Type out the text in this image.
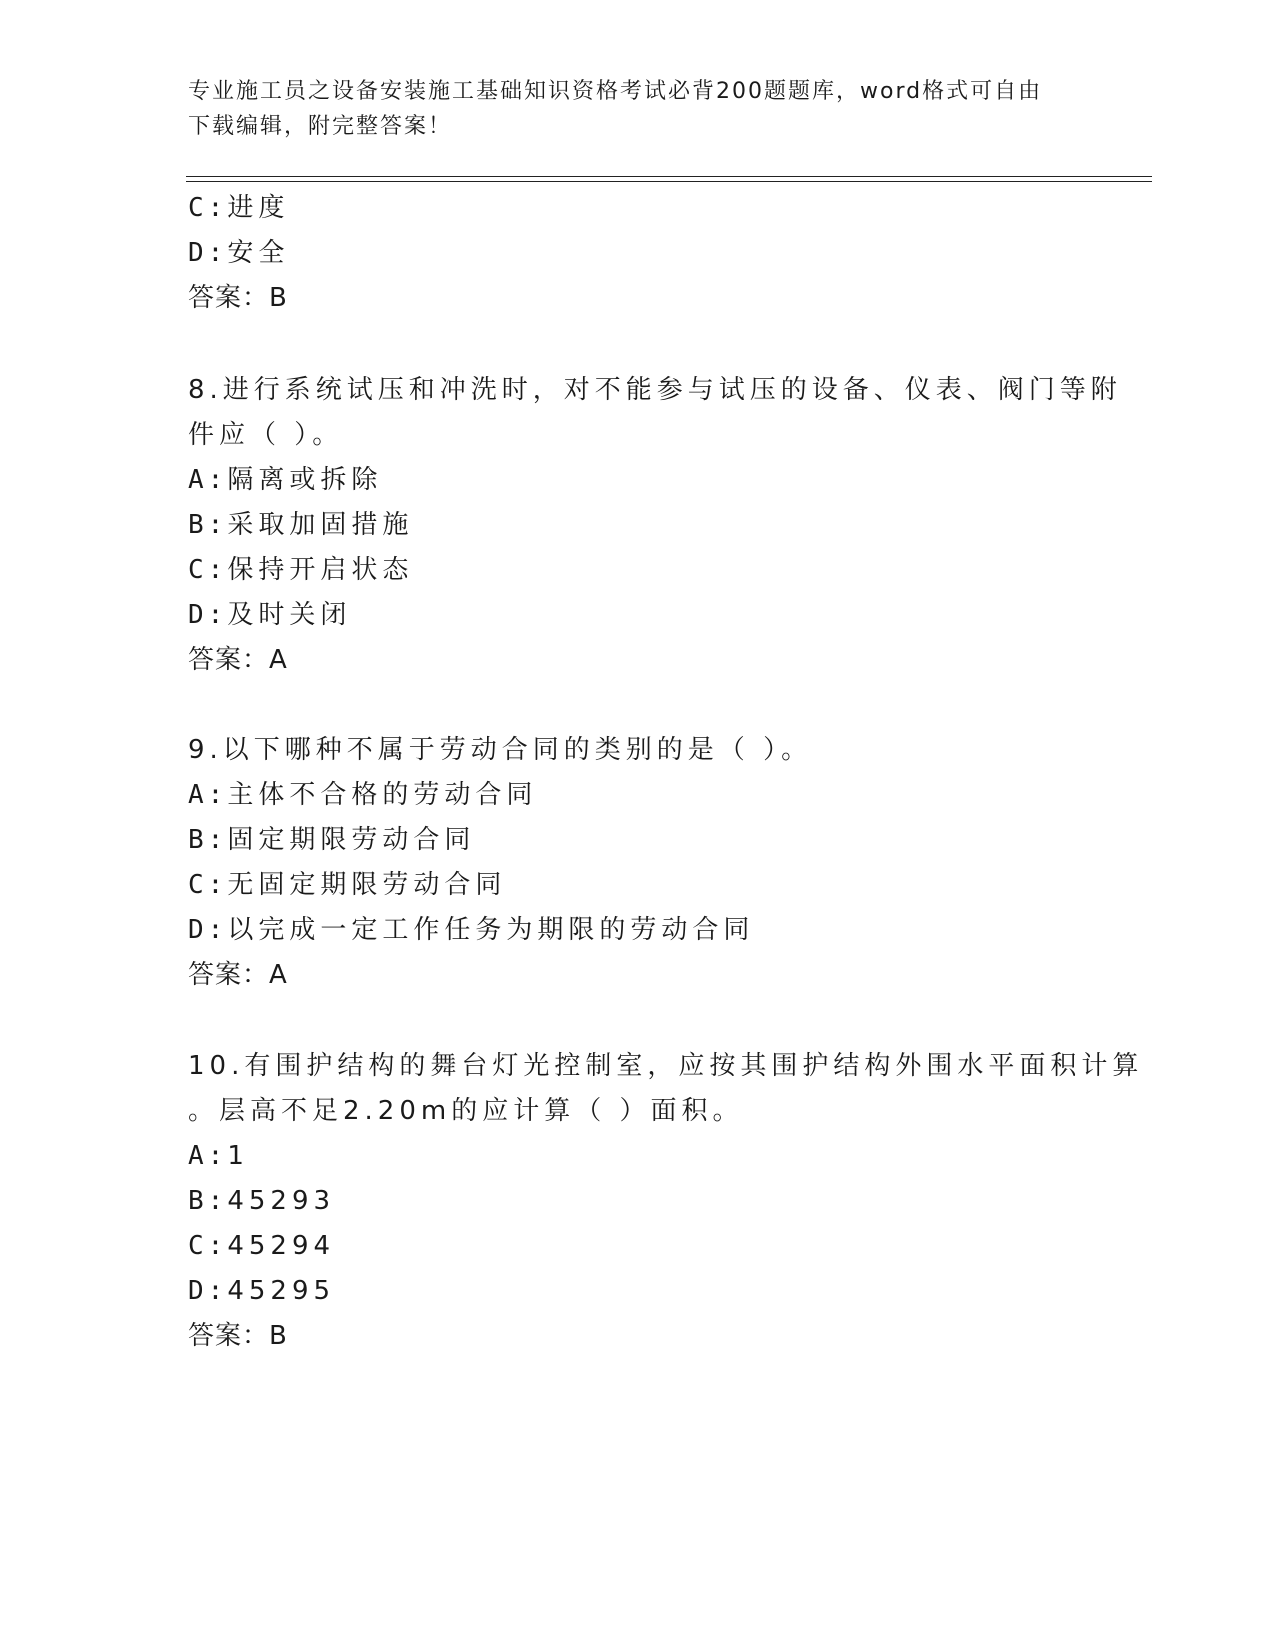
专业施工员之设备安装施工基础知识资格考试必背200题题库，word格式可自由
下载编辑，附完整答案！
C:进度
D:安全
答案：B
8.进行系统试压和冲洗时，对不能参与试压的设备、仪表、阀门等附
件应（ ）。
A:隔离或拆除
B:采取加固措施
C:保持开启状态
D:及时关闭
答案：A
9.以下哪种不属于劳动合同的类别的是（ ）。
A:主体不合格的劳动合同
B:固定期限劳动合同
C:无固定期限劳动合同
D:以完成一定工作任务为期限的劳动合同
答案：A
10.有围护结构的舞台灯光控制室，应按其围护结构外围水平面积计算
。层高不足2.20m的应计算（ ）面积。
A:1
B:45293
C:45294
D:45295
答案：B
